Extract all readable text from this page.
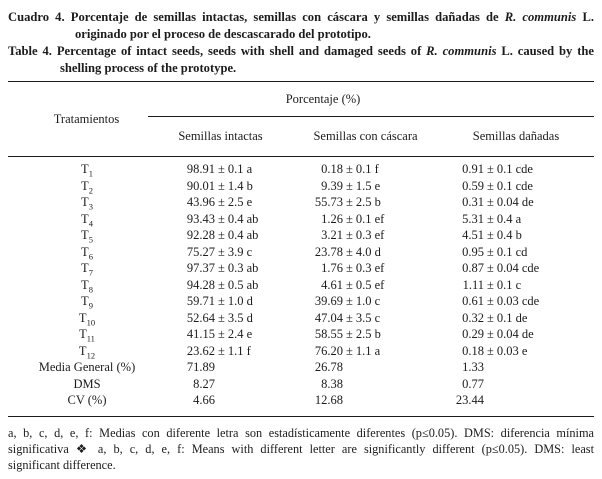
Cuadro 4. Porcentaje de semillas intactas, semillas con cáscara y semillas dañadas de R. communis L.
originado por el proceso de descascarado del prototipo.
Table 4. Percentage of intact seeds, seeds with shell and damaged seeds of R. communis L. caused by the
shelling process of the prototype.
Tratamientos	Porcentaje (%)		
	Semillas intactas	Semillas con cáscara	Semillas dañadas
$T_1$	98.91 ± 0.1 a	0.18 ± 0.1 f	0.91 ± 0.1 cde
$T_2$	90.01 ± 1.4 b	9.39 ± 1.5 e	0.59 ± 0.1 cde
$T_3$	43.96 ± 2.5 e	55.73 ± 2.5 b	0.31 ± 0.04 de
$T_4$	93.43 ± 0.4 ab	1.26 ± 0.1 ef	5.31 ± 0.4 a
$T_5$	92.28 ± 0.4 ab	3.21 ± 0.3 ef	4.51 ± 0.4 b
$T_6$	75.27 ± 3.9 c	23.78 ± 4.0 d	0.95 ± 0.1 cd
$T_7$	97.37 ± 0.3 ab	1.76 ± 0.3 ef	0.87 ± 0.04 cde
$T_8$	94.28 ± 0.5 ab	4.61 ± 0.5 ef	1.11 ± 0.1 c
$T_9$	59.71 ± 1.0 d	39.69 ± 1.0 c	0.61 ± 0.03 cde
$T_{10}$	52.64 ± 3.5 d	47.04 ± 3.5 c	0.32 ± 0.1 de
$T_{11}$	41.15 ± 2.4 e	58.55 ± 2.5 b	0.29 ± 0.04 de
$T_{12}$	23.62 ± 1.1 f	76.20 ± 1.1 a	0.18 ± 0.03 e
Media General (%)	71.89	26.78	1.33
DMS	8.27	8.38	0.77
CV (%)	4.66	12.68	23.44
a, b, c, d, e, f: Medias con diferente letra son estadísticamente diferentes (p≤0.05). DMS: diferencia mínima
significativa ❖ a, b, c, d, e, f: Means with different letter are significantly different (p≤0.05). DMS: least
significant difference.
